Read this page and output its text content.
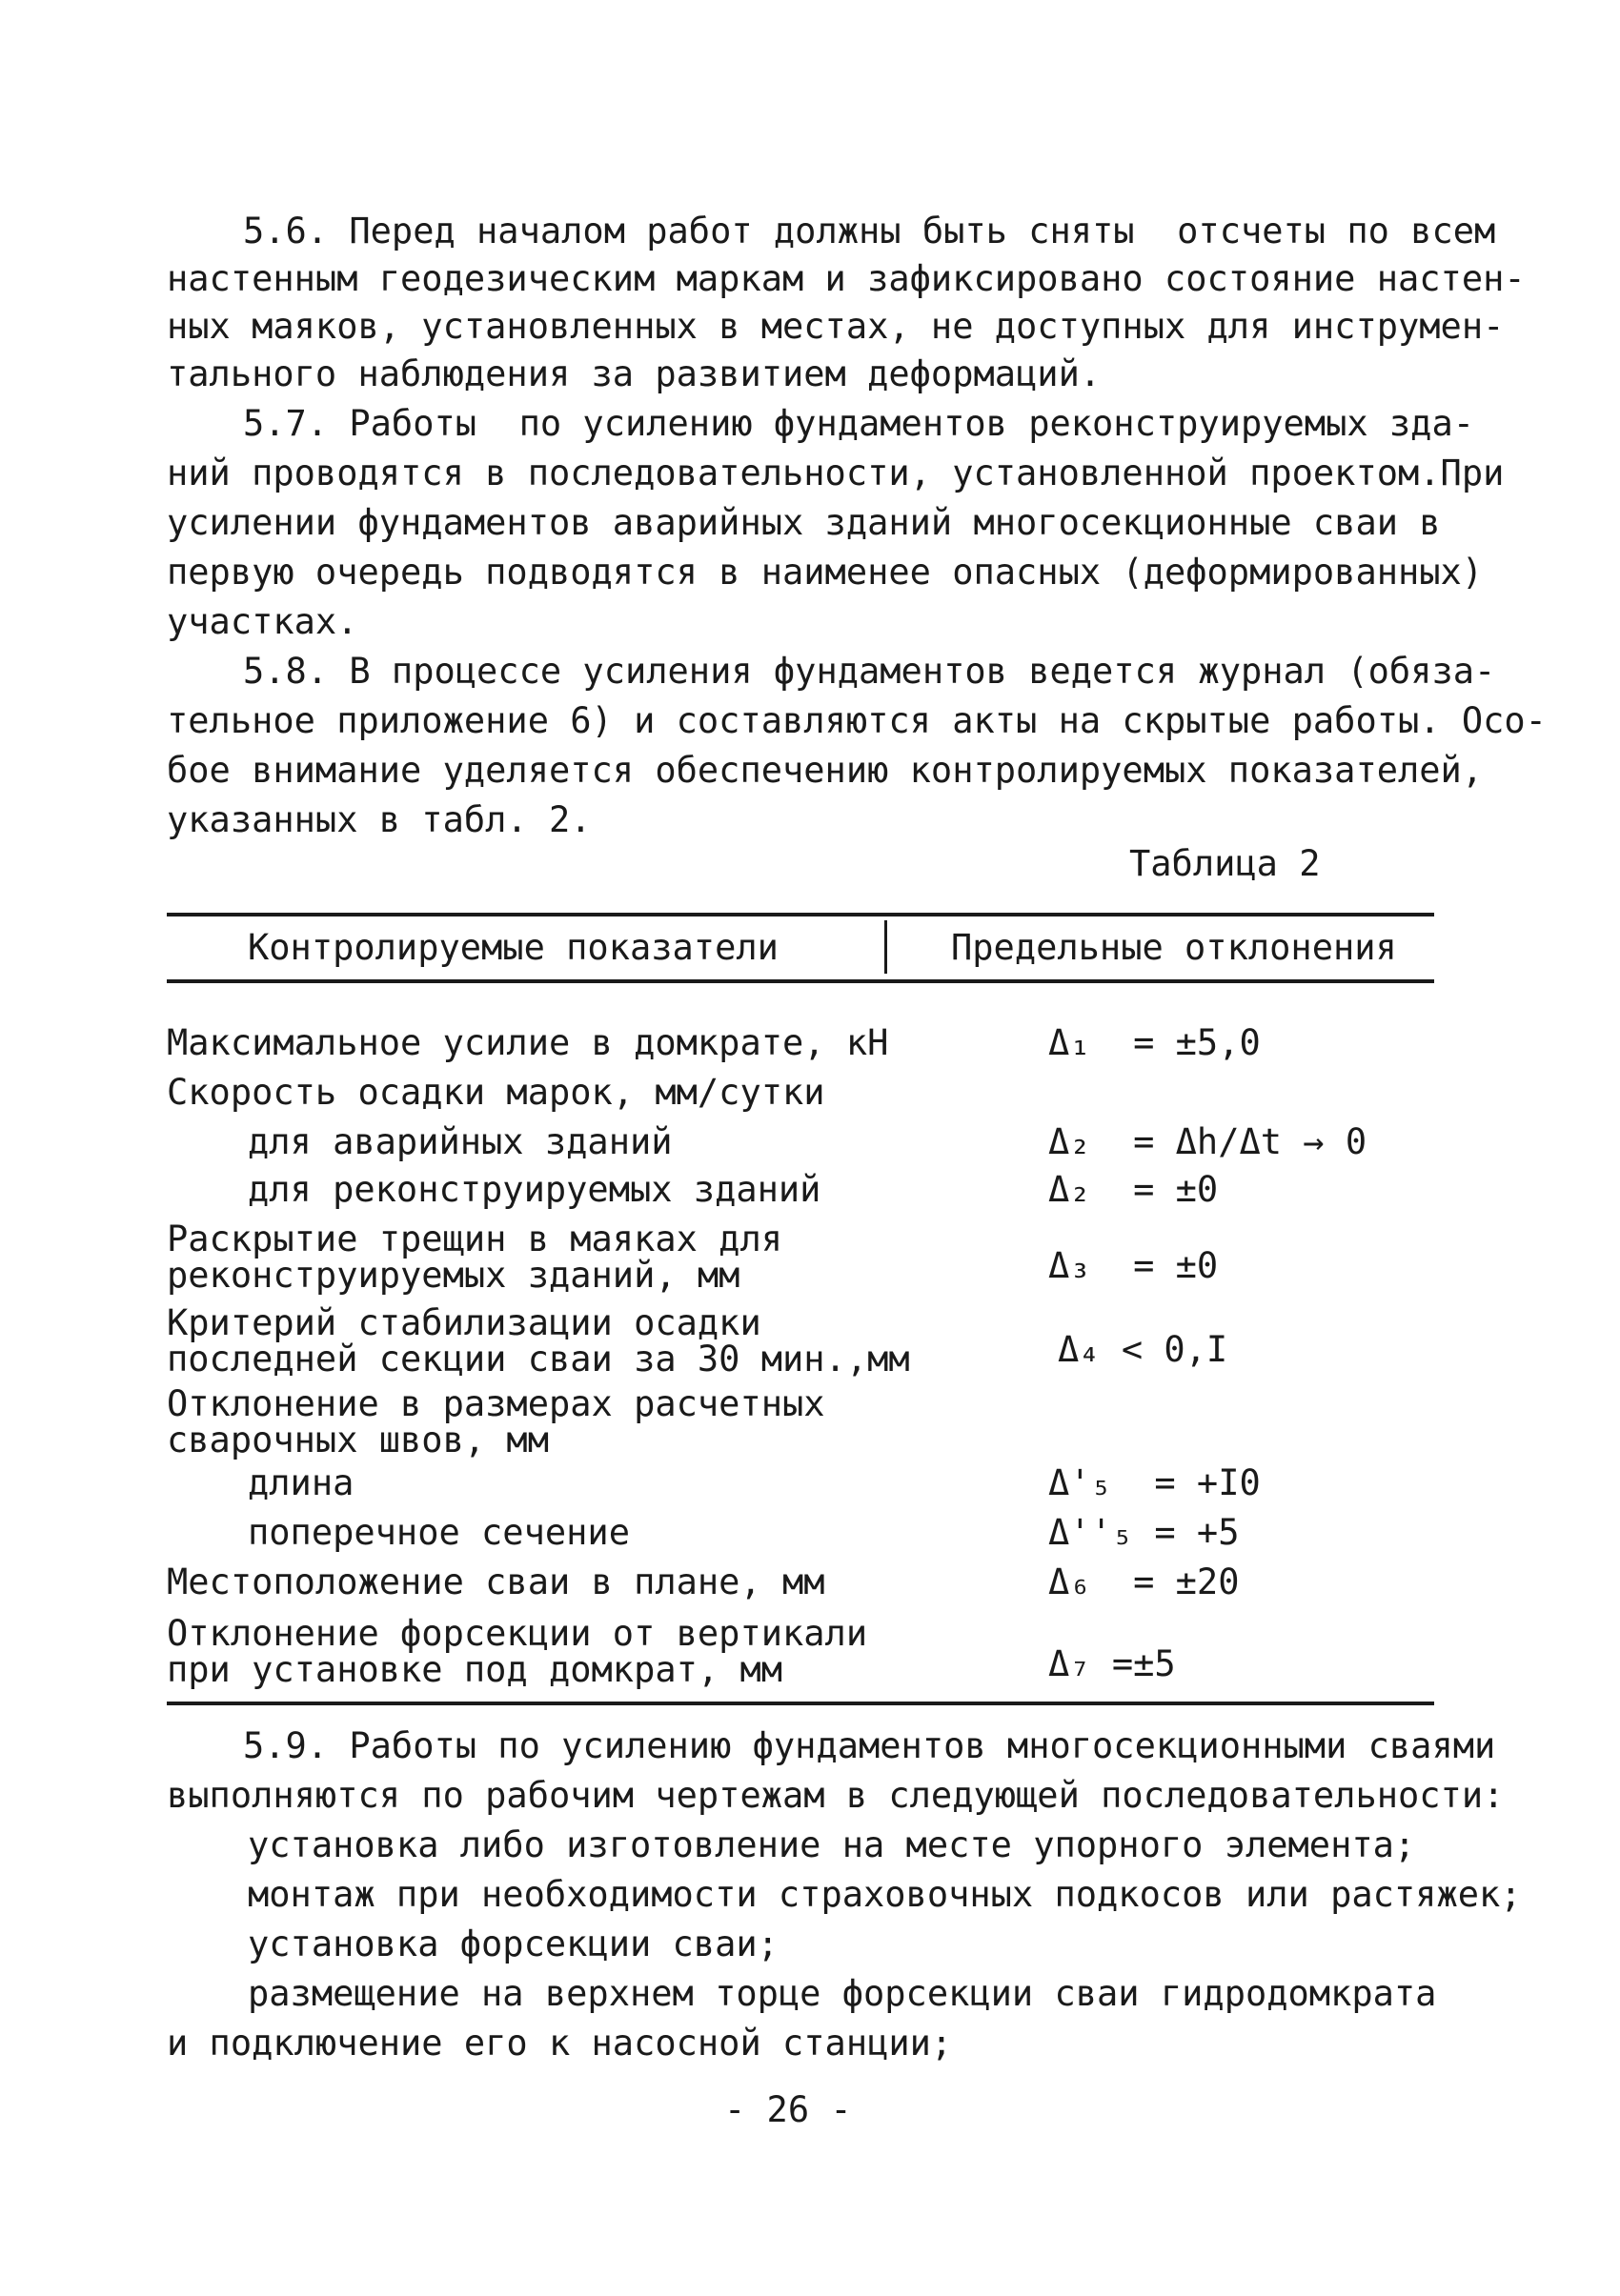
5.6. Перед началом работ должны быть сняты  отсчеты по всем
настенным геодезическим маркам и зафиксировано состояние настен-
ных маяков, установленных в местах, не доступных для инструмен-
тального наблюдения за развитием деформаций.
5.7. Работы  по усилению фундаментов реконструируемых зда-
ний проводятся в последовательности, установленной проектом.При
усилении фундаментов аварийных зданий многосекционные сваи в
первую очередь подводятся в наименее опасных (деформированных)
участках.
5.8. В процессе усиления фундаментов ведется журнал (обяза-
тельное приложение 6) и составляются акты на скрытые работы. Осо-
бое внимание уделяется обеспечению контролируемых показателей,
указанных в табл. 2.
Таблица 2
Контролируемые показатели	Предельные отклонения
Максимальное усилие в домкрате, кН	Δ₁  = ±5,0
Скорость осадки марок, мм/сутки
для аварийных зданий	Δ₂  = Δh/Δt → 0
для реконструируемых зданий	Δ₂  = ±0
Раскрытие трещин в маяках для
реконструируемых зданий, мм	Δ₃  = ±0
Критерий стабилизации осадки
последней секции сваи за 30 мин.,мм	Δ₄ < 0,I
Отклонение в размерах расчетных
сварочных швов, мм
длина	Δ'₅  = +I0
поперечное сечение	Δ''₅ = +5
Местоположение сваи в плане, мм	Δ₆  = ±20
Отклонение форсекции от вертикали
при установке под домкрат, мм	Δ₇ =±5
5.9. Работы по усилению фундаментов многосекционными сваями
выполняются по рабочим чертежам в следующей последовательности:
установка либо изготовление на месте упорного элемента;
монтаж при необходимости страховочных подкосов или растяжек;
установка форсекции сваи;
размещение на верхнем торце форсекции сваи гидродомкрата
и подключение его к насосной станции;
- 26 -
